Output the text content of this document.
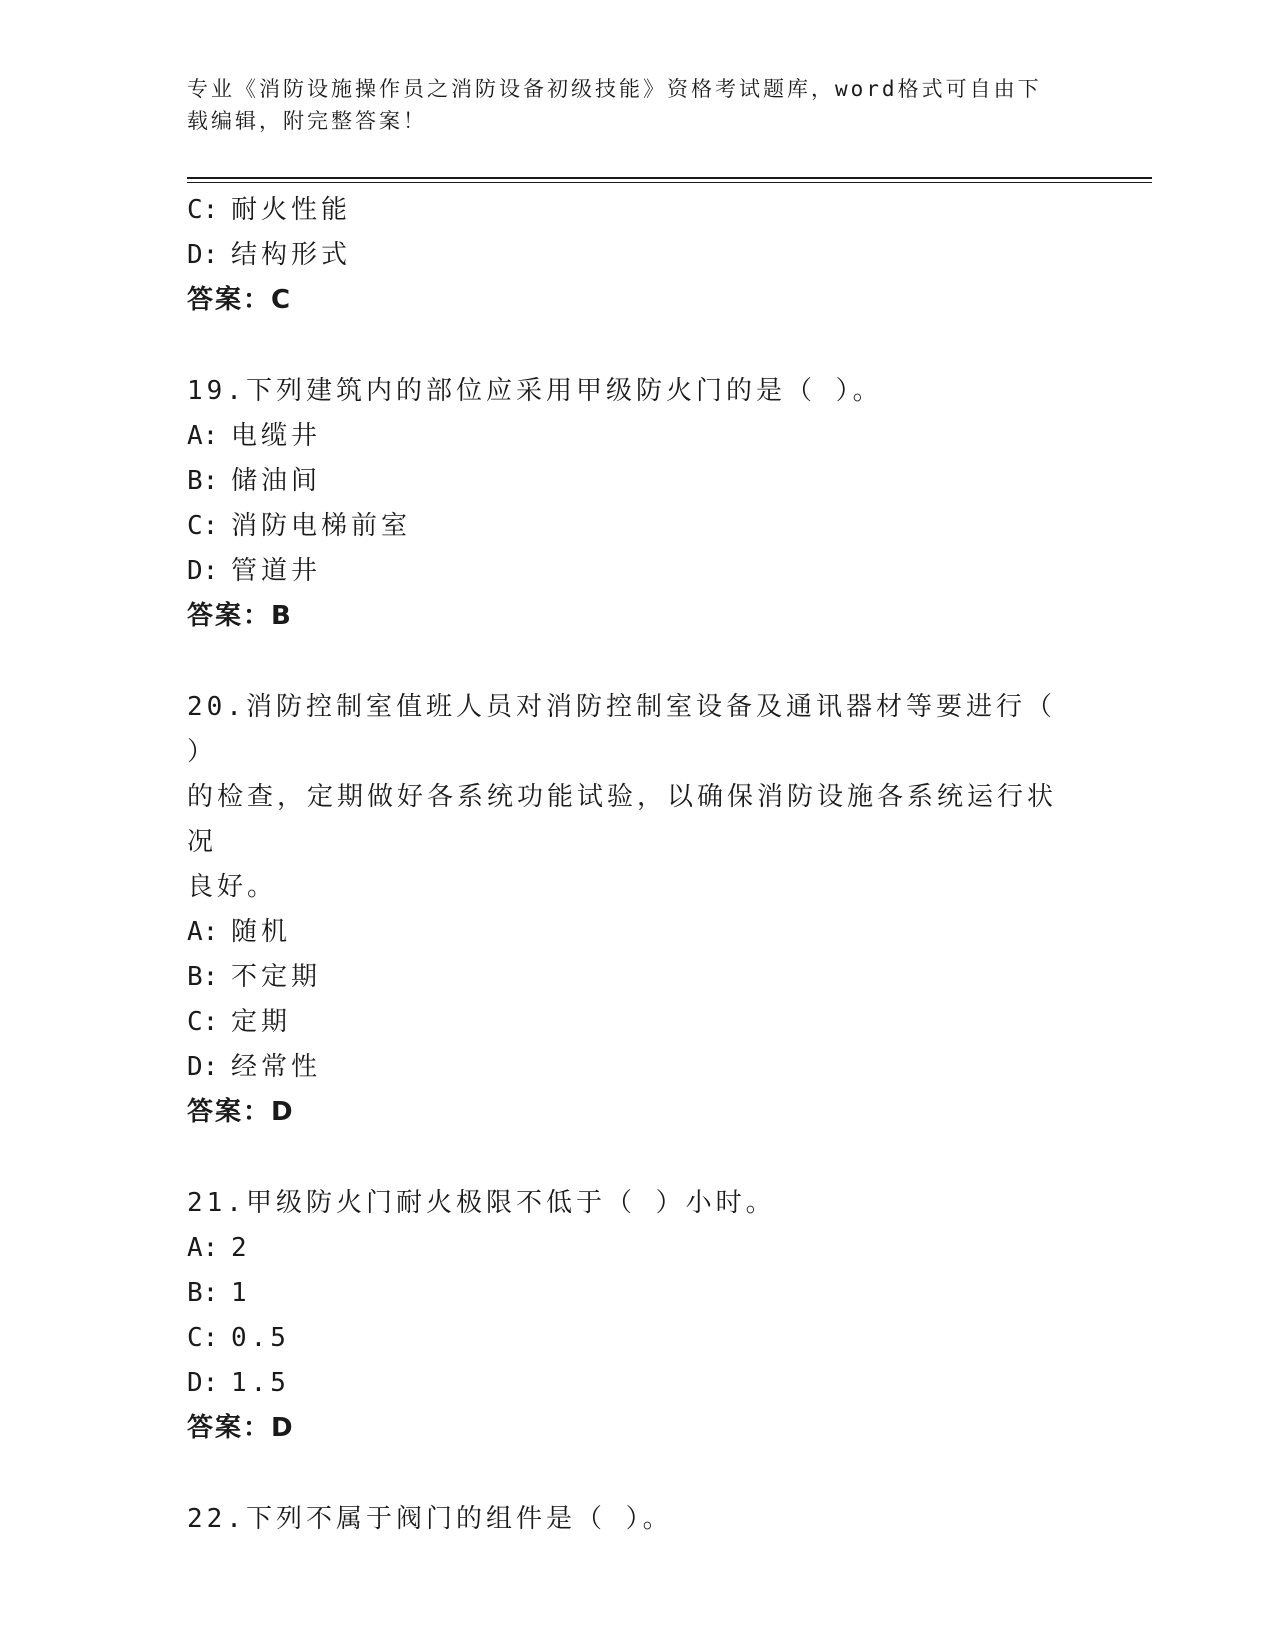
专业《消防设施操作员之消防设备初级技能》资格考试题库，word格式可自由下
载编辑，附完整答案！
C: 耐火性能
D: 结构形式
答案：C
19.下列建筑内的部位应采用甲级防火门的是（ ）。
A: 电缆井
B: 储油间
C: 消防电梯前室
D: 管道井
答案：B
20.消防控制室值班人员对消防控制室设备及通讯器材等要进行（ ）
的检查，定期做好各系统功能试验，以确保消防设施各系统运行状况
良好。
A: 随机
B: 不定期
C: 定期
D: 经常性
答案：D
21.甲级防火门耐火极限不低于（ ）小时。
A: 2
B: 1
C: 0.5
D: 1.5
答案：D
22.下列不属于阀门的组件是（ ）。
